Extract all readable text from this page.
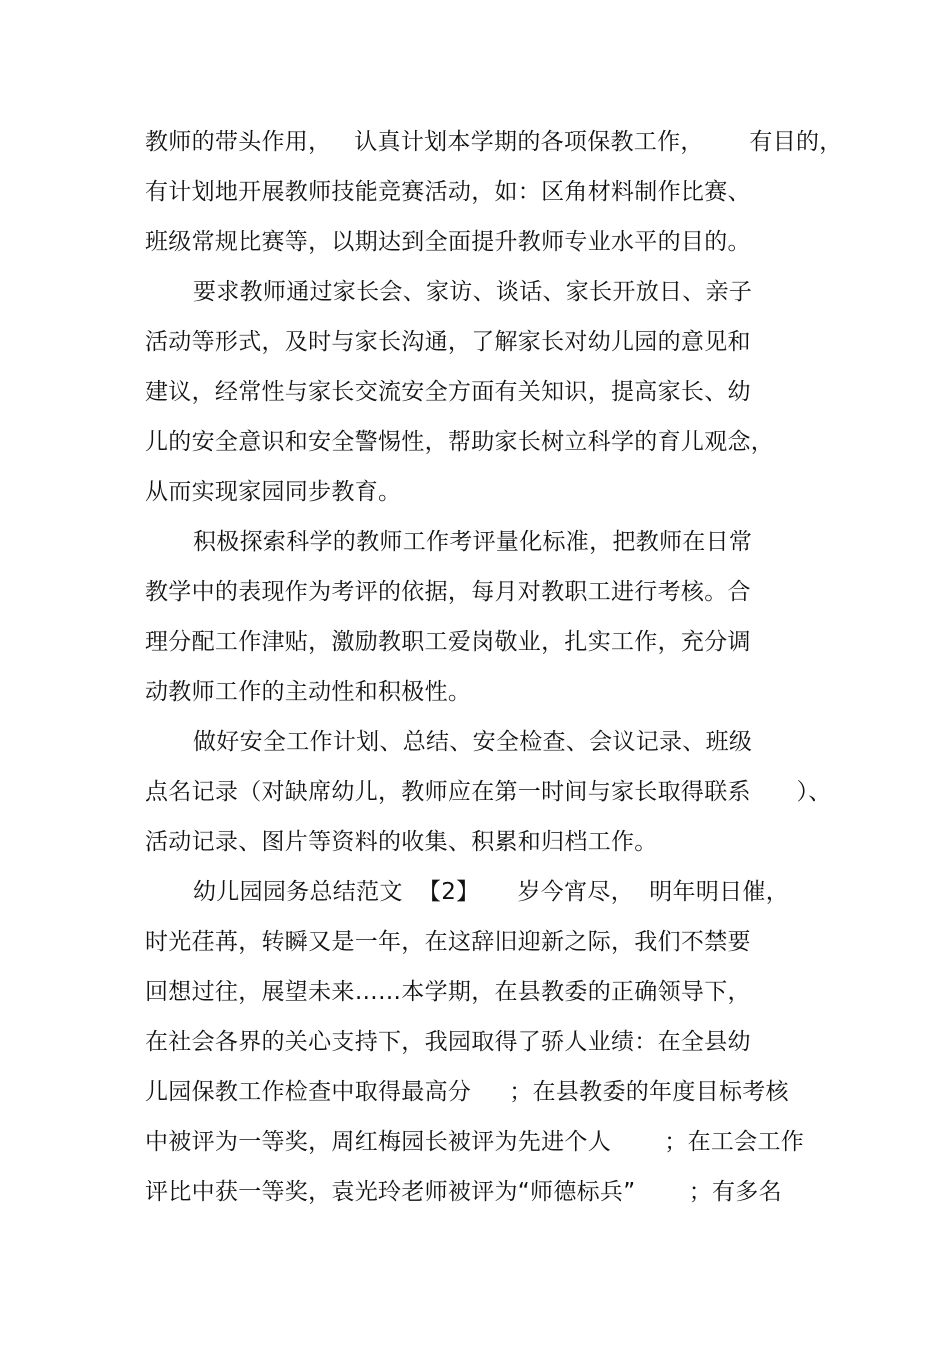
教师的带头作用，   认真计划本学期的各项保教工作，      有目的，
有计划地开展教师技能竞赛活动，如：区角材料制作比赛、
班级常规比赛等，以期达到全面提升教师专业水平的目的。
要求教师通过家长会、家访、谈话、家长开放日、亲子
活动等形式，及时与家长沟通，了解家长对幼儿园的意见和
建议，经常性与家长交流安全方面有关知识，提高家长、幼
儿的安全意识和安全警惕性，帮助家长树立科学的育儿观念，
从而实现家园同步教育。
积极探索科学的教师工作考评量化标准，把教师在日常
教学中的表现作为考评的依据，每月对教职工进行考核。合
理分配工作津贴，激励教职工爱岗敬业，扎实工作，充分调
动教师工作的主动性和积极性。
做好安全工作计划、总结、安全检查、会议记录、班级
点名记录（对缺席幼儿，教师应在第一时间与家长取得联系      ）、
活动记录、图片等资料的收集、积累和归档工作。
幼儿园园务总结范文  【2】     岁今宵尽，  明年明日催，
时光荏苒，转瞬又是一年，在这辞旧迎新之际，我们不禁要
回想过往，展望未来……本学期，在县教委的正确领导下，
在社会各界的关心支持下，我园取得了骄人业绩：在全县幼
儿园保教工作检查中取得最高分     ；在县教委的年度目标考核
中被评为一等奖，周红梅园长被评为先进个人       ；在工会工作
评比中获一等奖，袁光玲老师被评为“师德标兵”       ；有多名
